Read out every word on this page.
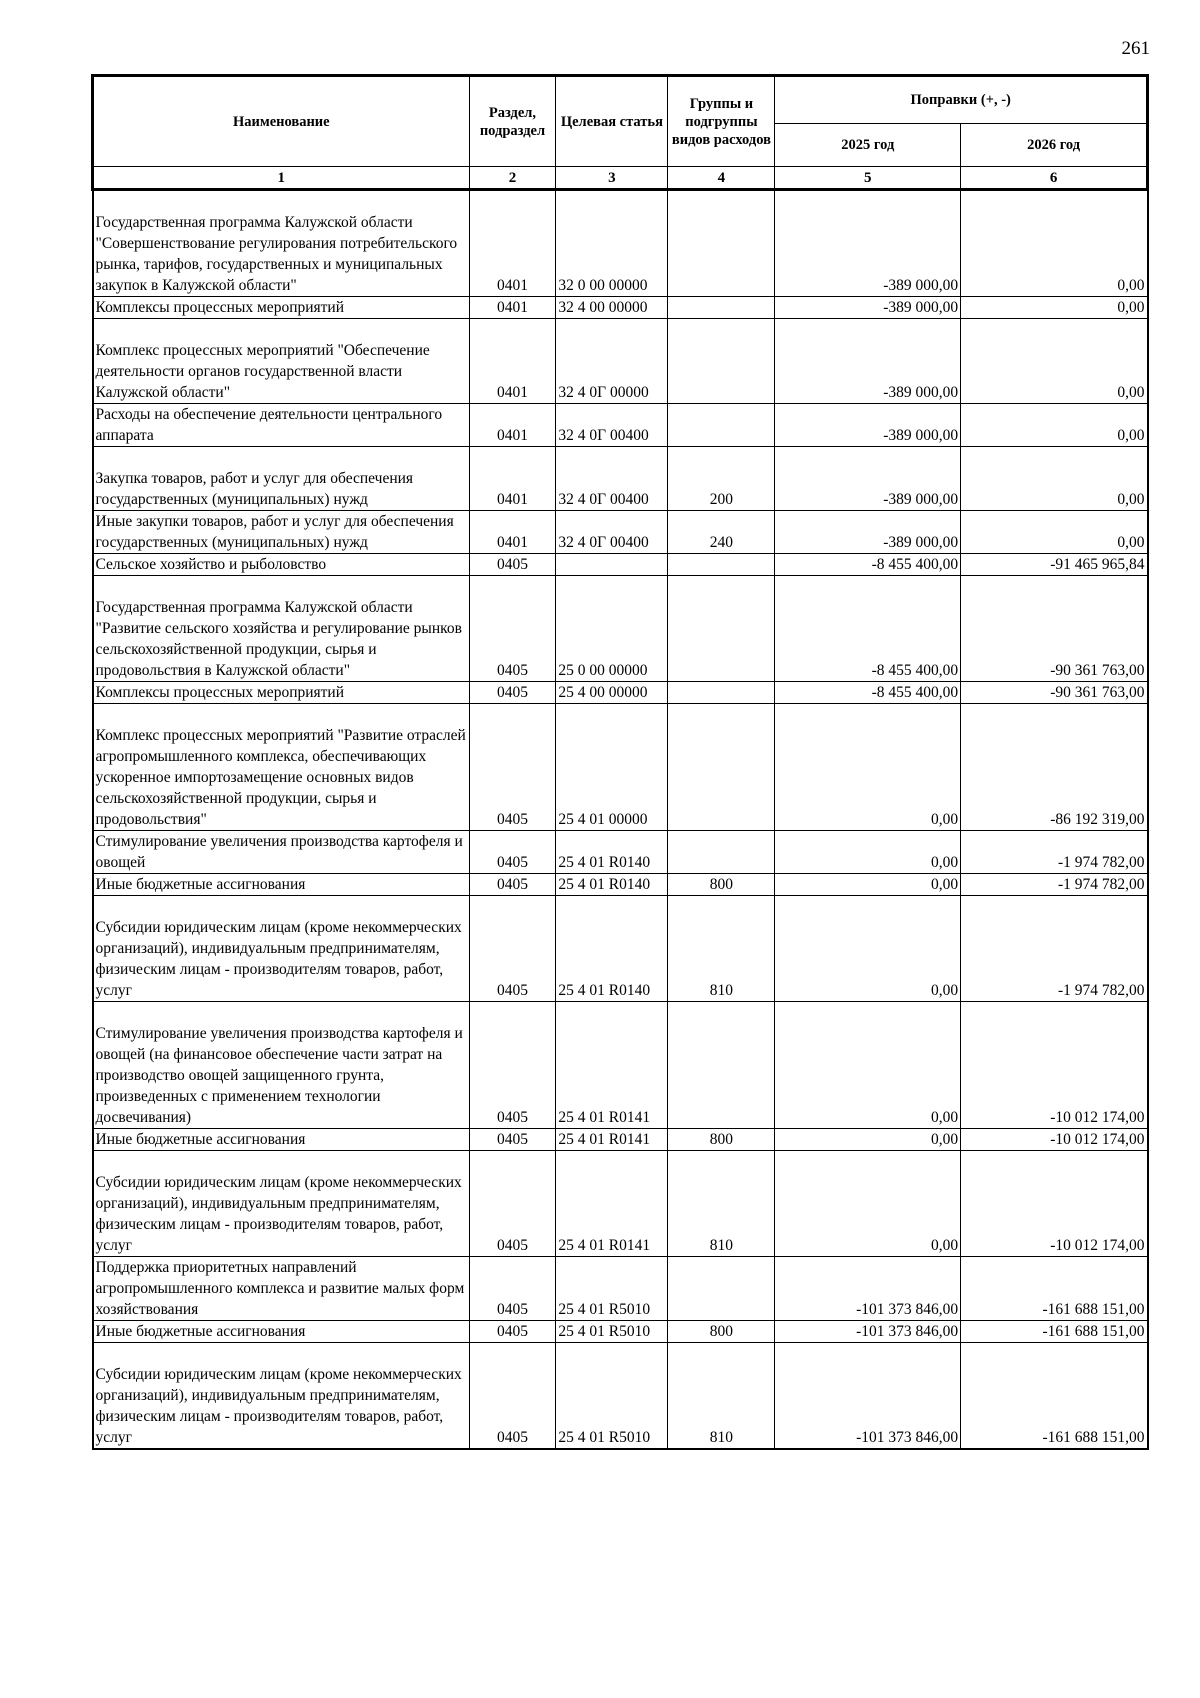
261
Наименование	Раздел, подраздел	Целевая статья	Группы и подгруппы видов расходов	Поправки (+, -)	
				2025 год	2026 год
1	2	3	4	5	6
Государственная программа Калужской области "Совершенствование регулирования потребительского рынка, тарифов, государственных и муниципальных закупок в Калужской области"	0401	32 0 00 00000		-389 000,00	0,00
Комплексы процессных мероприятий	0401	32 4 00 00000		-389 000,00	0,00
Комплекс процессных мероприятий "Обеспечение деятельности органов государственной власти Калужской области"	0401	32 4 0Г 00000		-389 000,00	0,00
Расходы на обеспечение деятельности центрального аппарата	0401	32 4 0Г 00400		-389 000,00	0,00
Закупка товаров, работ и услуг для обеспечения государственных (муниципальных) нужд	0401	32 4 0Г 00400	200	-389 000,00	0,00
Иные закупки товаров, работ и услуг для обеспечения государственных (муниципальных) нужд	0401	32 4 0Г 00400	240	-389 000,00	0,00
Сельское хозяйство и рыболовство	0405			-8 455 400,00	-91 465 965,84
Государственная программа Калужской области "Развитие сельского хозяйства и регулирование рынков сельскохозяйственной продукции, сырья и продовольствия в Калужской области"	0405	25 0 00 00000		-8 455 400,00	-90 361 763,00
Комплексы процессных мероприятий	0405	25 4 00 00000		-8 455 400,00	-90 361 763,00
Комплекс процессных мероприятий "Развитие отраслей агропромышленного комплекса, обеспечивающих ускоренное импортозамещение основных видов сельскохозяйственной продукции, сырья и продовольствия"	0405	25 4 01 00000		0,00	-86 192 319,00
Стимулирование увеличения производства картофеля и овощей	0405	25 4 01 R0140		0,00	-1 974 782,00
Иные бюджетные ассигнования	0405	25 4 01 R0140	800	0,00	-1 974 782,00
Субсидии юридическим лицам (кроме некоммерческих организаций), индивидуальным предпринимателям, физическим лицам - производителям товаров, работ, услуг	0405	25 4 01 R0140	810	0,00	-1 974 782,00
Стимулирование увеличения производства картофеля и овощей (на финансовое обеспечение части затрат на производство овощей защищенного грунта, произведенных с применением технологии досвечивания)	0405	25 4 01 R0141		0,00	-10 012 174,00
Иные бюджетные ассигнования	0405	25 4 01 R0141	800	0,00	-10 012 174,00
Субсидии юридическим лицам (кроме некоммерческих организаций), индивидуальным предпринимателям, физическим лицам - производителям товаров, работ, услуг	0405	25 4 01 R0141	810	0,00	-10 012 174,00
Поддержка приоритетных направлений агропромышленного комплекса и развитие малых форм хозяйствования	0405	25 4 01 R5010		-101 373 846,00	-161 688 151,00
Иные бюджетные ассигнования	0405	25 4 01 R5010	800	-101 373 846,00	-161 688 151,00
Субсидии юридическим лицам (кроме некоммерческих организаций), индивидуальным предпринимателям, физическим лицам - производителям товаров, работ, услуг	0405	25 4 01 R5010	810	-101 373 846,00	-161 688 151,00
